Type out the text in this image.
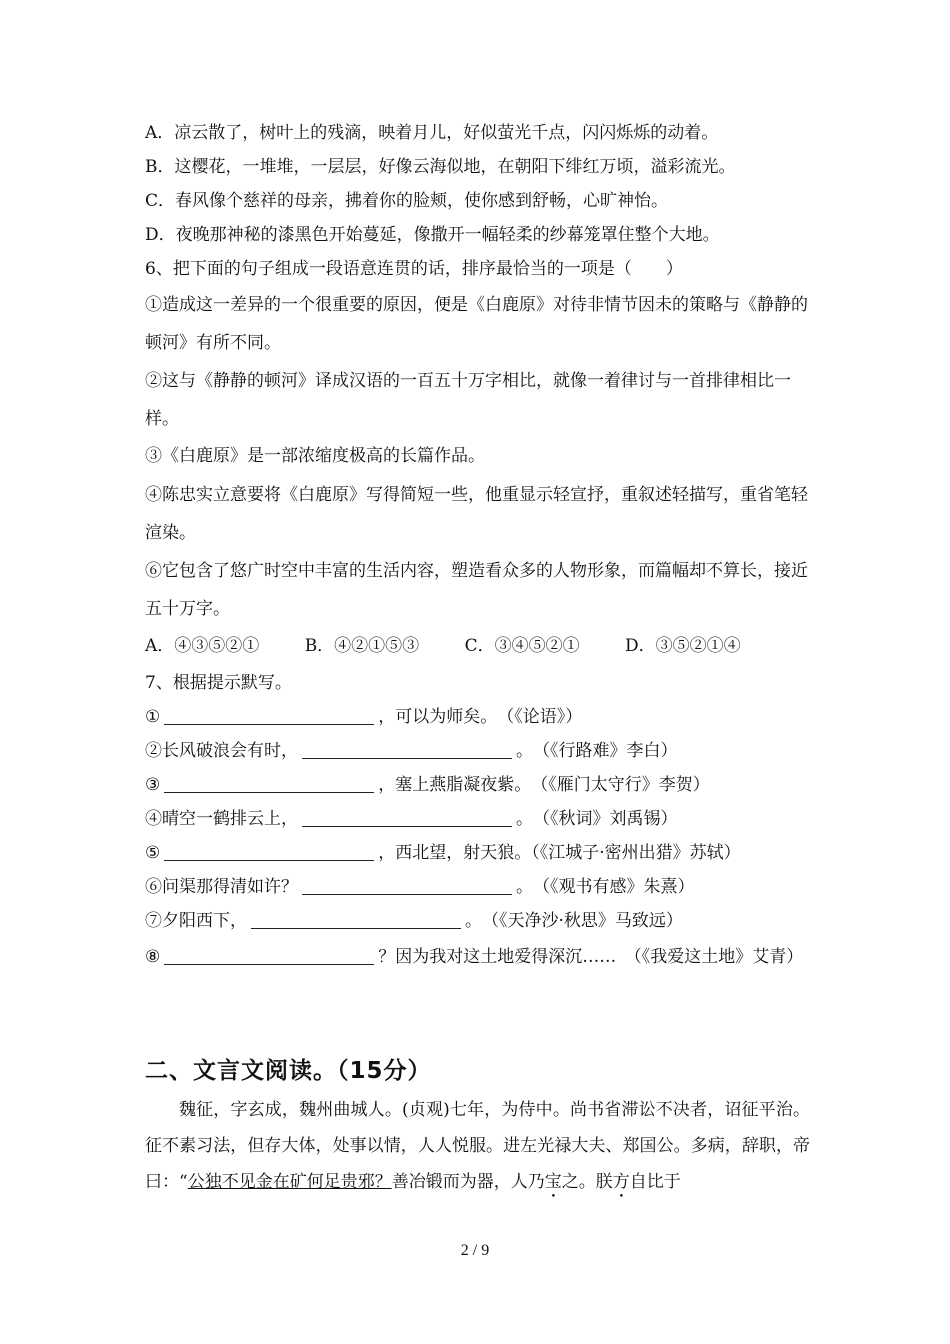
A．凉云散了，树叶上的残滴，映着月儿，好似萤光千点，闪闪烁烁的动着。
B．这樱花，一堆堆，一层层，好像云海似地，在朝阳下绯红万顷，溢彩流光。
C．春风像个慈祥的母亲，拂着你的脸颊，使你感到舒畅，心旷神怡。
D．夜晚那神秘的漆黑色开始蔓延，像撒开一幅轻柔的纱幕笼罩住整个大地。
6、把下面的句子组成一段语意连贯的话，排序最恰当的一项是（　　）
①造成这一差异的一个很重要的原因，便是《白鹿原》对待非情节因未的策略与《静静的顿河》有所不同。
②这与《静静的顿河》译成汉语的一百五十万字相比，就像一着律讨与一首排律相比一样。
③《白鹿原》是一部浓缩度极高的长篇作品。
④陈忠实立意要将《白鹿原》写得简短一些，他重显示轻宣抒，重叙述轻描写，重省笔轻渲染。
⑥它包含了悠广时空中丰富的生活内容，塑造看众多的人物形象，而篇幅却不算长，接近五十万字。
A．④③⑤②①	B．④②①⑤③	C．③④⑤②①	D．③⑤②①④
7、根据提示默写。
①	，可以为师矣。　（《论语》）
②长风破浪会有时，	。　（《行路难》李白）
③	，塞上燕脂凝夜紫。　（《雁门太守行》李贺）
④晴空一鹤排云上，	。　（《秋词》刘禹锡）
⑤	，西北望，射天狼。（《江城子·密州出猎》苏轼）
⑥问渠那得清如许？	。　（《观书有感》朱熹）
⑦夕阳西下，	。　（《天净沙·秋思》马致远）
⑧	？因为我对这土地爱得深沉……　（《我爱这土地》艾青）
二、文言文阅读。（15分）
魏征，字玄成，魏州曲城人。(贞观)七年，为侍中。尚书省滞讼不决者，诏征平治。征不素习法，但存大体，处事以情，人人悦服。进左光禄大夫、郑国公。多病，辞职，帝曰：“公独不见金在矿何足贵邪？善冶锻而为器，人乃宝之。朕方自比于
2 / 9
